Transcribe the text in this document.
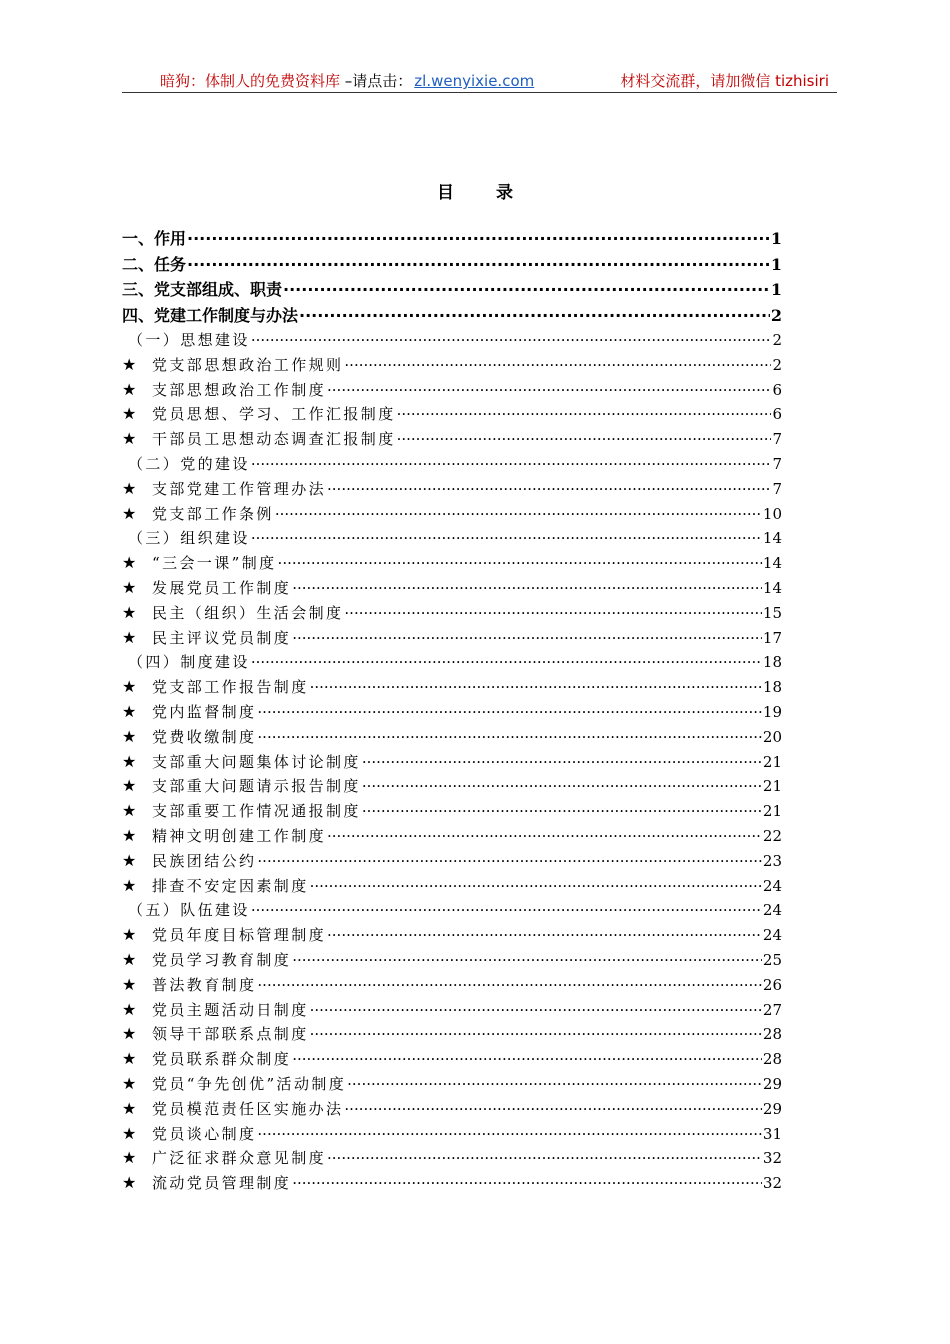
暗狗：体制人的免费资料库 –请点击： zl.wenyixie.com	材料交流群，请加微信 tizhisiri
目 录
一、作用 ·····	1
二、任务 ·····	1
三、党支部组成、职责 ·····	1
四、党建工作制度与办法 ·····	2
（一）思想建设 ·····	2
★	党支部思想政治工作规则 ·····	2
★	支部思想政治工作制度 ·····	6
★	党员思想、学习、工作汇报制度 ·····	6
★	干部员工思想动态调查汇报制度 ·····	7
（二）党的建设 ·····	7
★	支部党建工作管理办法 ·····	7
★	党支部工作条例 ·····	10
（三）组织建设 ·····	14
★	“三会一课”制度 ·····	14
★	发展党员工作制度 ·····	14
★	民主（组织）生活会制度 ·····	15
★	民主评议党员制度 ·····	17
（四）制度建设 ·····	18
★	党支部工作报告制度 ·····	18
★	党内监督制度 ·····	19
★	党费收缴制度 ·····	20
★	支部重大问题集体讨论制度 ·····	21
★	支部重大问题请示报告制度 ·····	21
★	支部重要工作情况通报制度 ·····	21
★	精神文明创建工作制度 ·····	22
★	民族团结公约 ·····	23
★	排查不安定因素制度 ·····	24
（五）队伍建设 ·····	24
★	党员年度目标管理制度 ·····	24
★	党员学习教育制度 ·····	25
★	普法教育制度 ·····	26
★	党员主题活动日制度 ·····	27
★	领导干部联系点制度 ·····	28
★	党员联系群众制度 ·····	28
★	党员“争先创优”活动制度 ·····	29
★	党员模范责任区实施办法 ·····	29
★	党员谈心制度 ·····	31
★	广泛征求群众意见制度 ·····	32
★	流动党员管理制度 ·····	32
